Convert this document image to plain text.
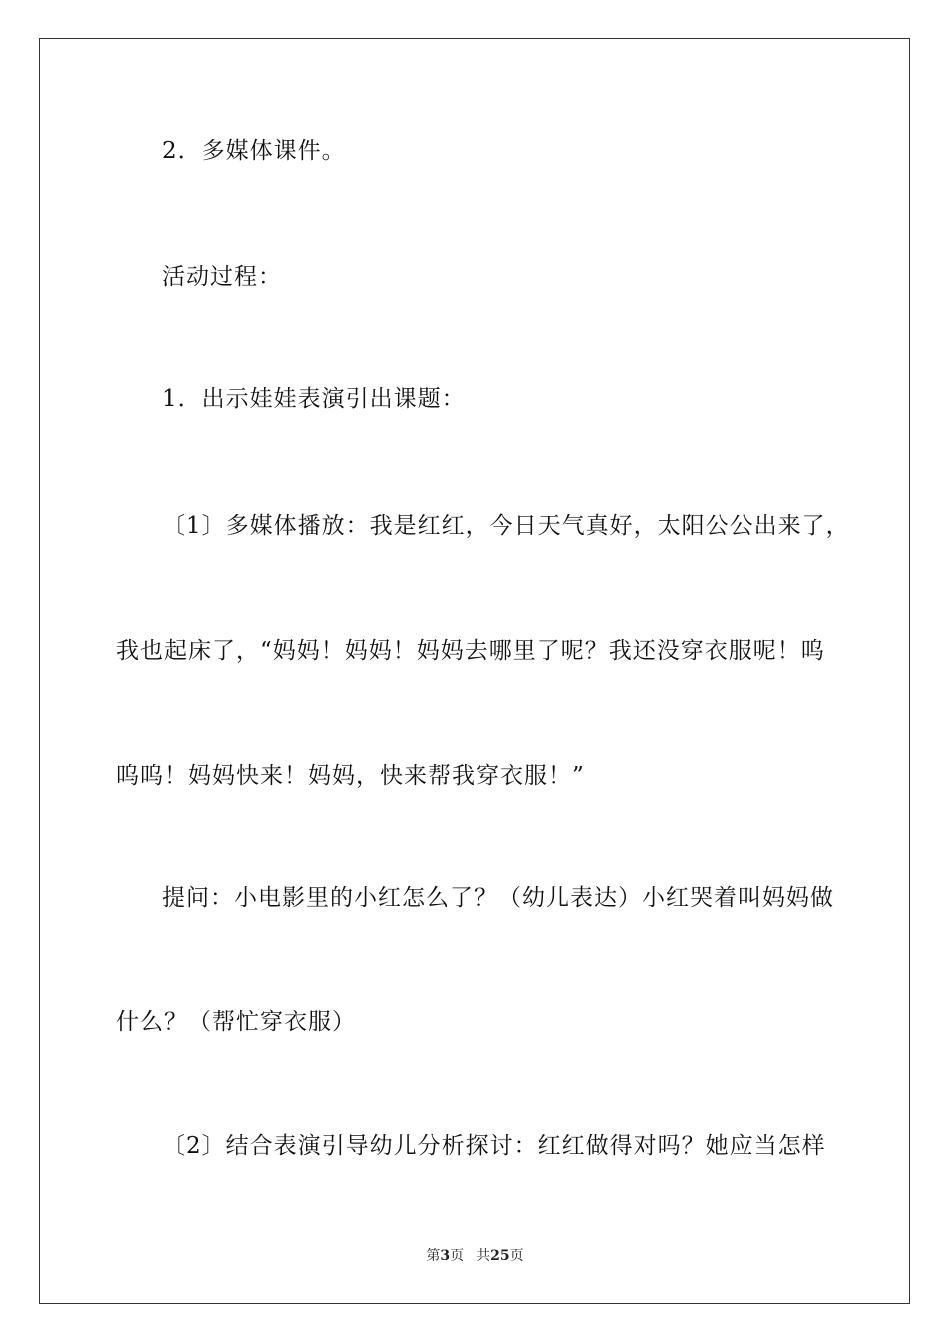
2．多媒体课件。
活动过程：
1．出示娃娃表演引出课题：
〔1〕多媒体播放：我是红红，今日天气真好，太阳公公出来了，
我也起床了，“妈妈！妈妈！妈妈去哪里了呢？我还没穿衣服呢！呜
呜呜！妈妈快来！妈妈，快来帮我穿衣服！”
提问：小电影里的小红怎么了？（幼儿表达）小红哭着叫妈妈做
什么？（帮忙穿衣服）
〔2〕结合表演引导幼儿分析探讨：红红做得对吗？她应当怎样
第3页 共25页
